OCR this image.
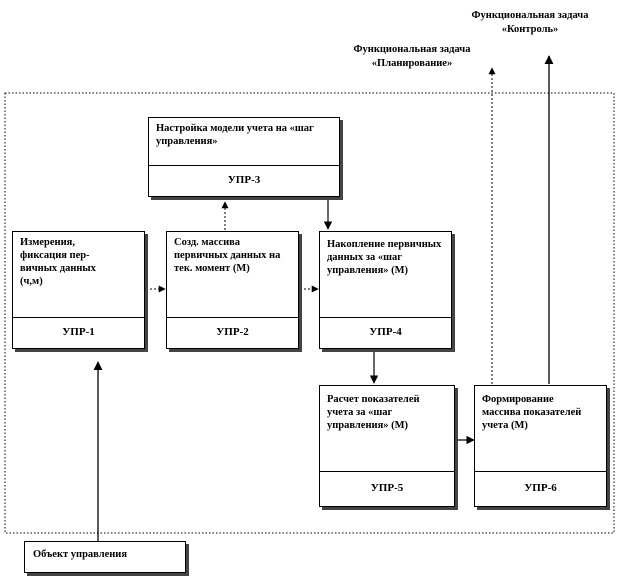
Функциональная задача
«Контроль»
Функциональная задача
«Планирование»
Настройка модели учета на «шаг управления»
УПР-3
Измерения, фиксация пер-вичных данных (ч,м)
УПР-1
Созд. массива первичных данных на тек. момент (М)
УПР-2
Накопление первичных данных за «шаг управления» (М)
УПР-4
Расчет показателей учета за «шаг управления» (М)
УПР-5
Формирование массива показателей учета (М)
УПР-6
Объект управления
